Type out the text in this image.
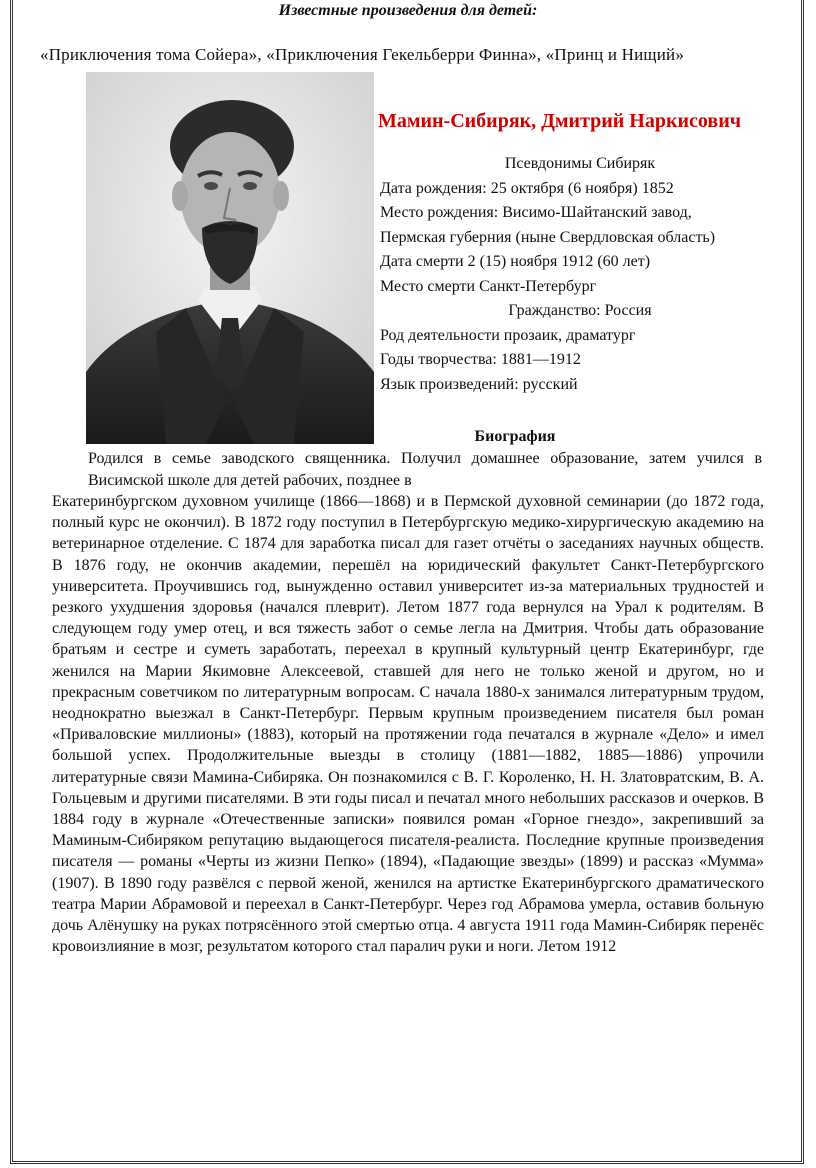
Известные произведения для детей:
«Приключения тома Сойера», «Приключения Гекельберри Финна», «Принц и Нищий»
Мамин-Сибиряк, Дмитрий Наркисович
Псевдонимы Сибиряк
Дата рождения: 25 октября (6 ноября) 1852
Место рождения: Висимо-Шайтанский завод,
Пермская губерния (ныне Свердловская область)
Дата смерти 2 (15) ноября 1912 (60 лет)
Место смерти Санкт-Петербург
Гражданство: Россия
Род деятельности прозаик, драматург
Годы творчества: 1881—1912
Язык произведений: русский
Биография
Родился в семье заводского священника. Получил домашнее образование, затем учился в Висимской школе для детей рабочих, позднее в
Екатеринбургском духовном училище (1866—1868) и в Пермской духовной семинарии (до 1872 года, полный курс не окончил). В 1872 году поступил в Петербургскую медико-хирургическую академию на ветеринарное отделение. С 1874 для заработка писал для газет отчёты о заседаниях научных обществ. В 1876 году, не окончив академии, перешёл на юридический факультет Санкт-Петербургского университета. Проучившись год, вынужденно оставил университет из-за материальных трудностей и резкого ухудшения здоровья (начался плеврит). Летом 1877 года вернулся на Урал к родителям. В следующем году умер отец, и вся тяжесть забот о семье легла на Дмитрия. Чтобы дать образование братьям и сестре и суметь заработать, переехал в крупный культурный центр Екатеринбург, где женился на Марии Якимовне Алексеевой, ставшей для него не только женой и другом, но и прекрасным советчиком по литературным вопросам. С начала 1880-х занимался литературным трудом, неоднократно выезжал в Санкт-Петербург. Первым крупным произведением писателя был роман «Приваловские миллионы» (1883), который на протяжении года печатался в журнале «Дело» и имел большой успех. Продолжительные выезды в столицу (1881—1882, 1885—1886) упрочили литературные связи Мамина-Сибиряка. Он познакомился с В. Г. Короленко, Н. Н. Златовратским, В. А. Гольцевым и другими писателями. В эти годы писал и печатал много небольших рассказов и очерков. В 1884 году в журнале «Отечественные записки» появился роман «Горное гнездо», закрепивший за Маминым-Сибиряком репутацию выдающегося писателя-реалиста. Последние крупные произведения писателя — романы «Черты из жизни Пепко» (1894), «Падающие звезды» (1899) и рассказ «Мумма» (1907). В 1890 году развёлся с первой женой, женился на артистке Екатеринбургского драматического театра Марии Абрамовой и переехал в Санкт-Петербург. Через год Абрамова умерла, оставив больную дочь Алёнушку на руках потрясённого этой смертью отца. 4 августа 1911 года Мамин-Сибиряк перенёс кровоизлияние в мозг, результатом которого стал паралич руки и ноги. Летом 1912
